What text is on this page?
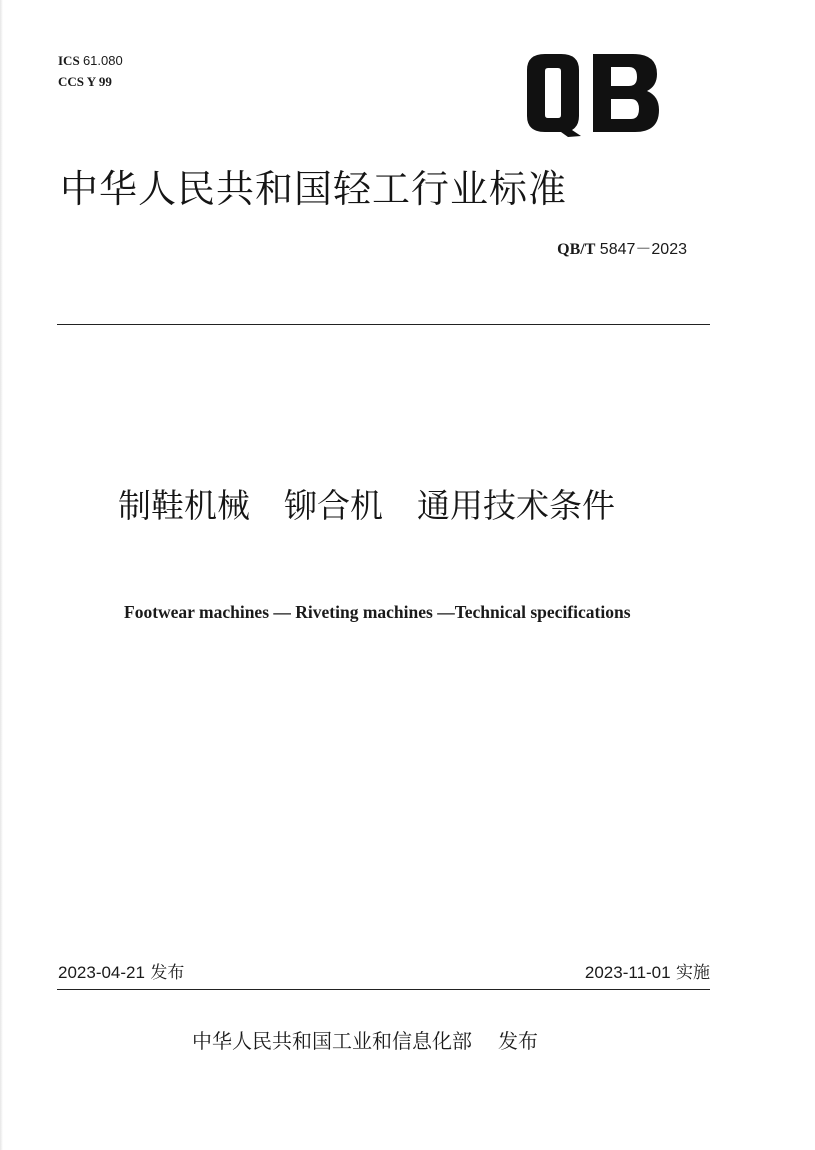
ICS 61.080
CCS Y 99
中华人民共和国轻工行业标准
QB/T 5847－2023
制鞋机械 铆合机 通用技术条件
Footwear machines — Riveting machines —Technical specifications
2023-04-21 发布	2023-11-01 实施
中华人民共和国工业和信息化部 发布
